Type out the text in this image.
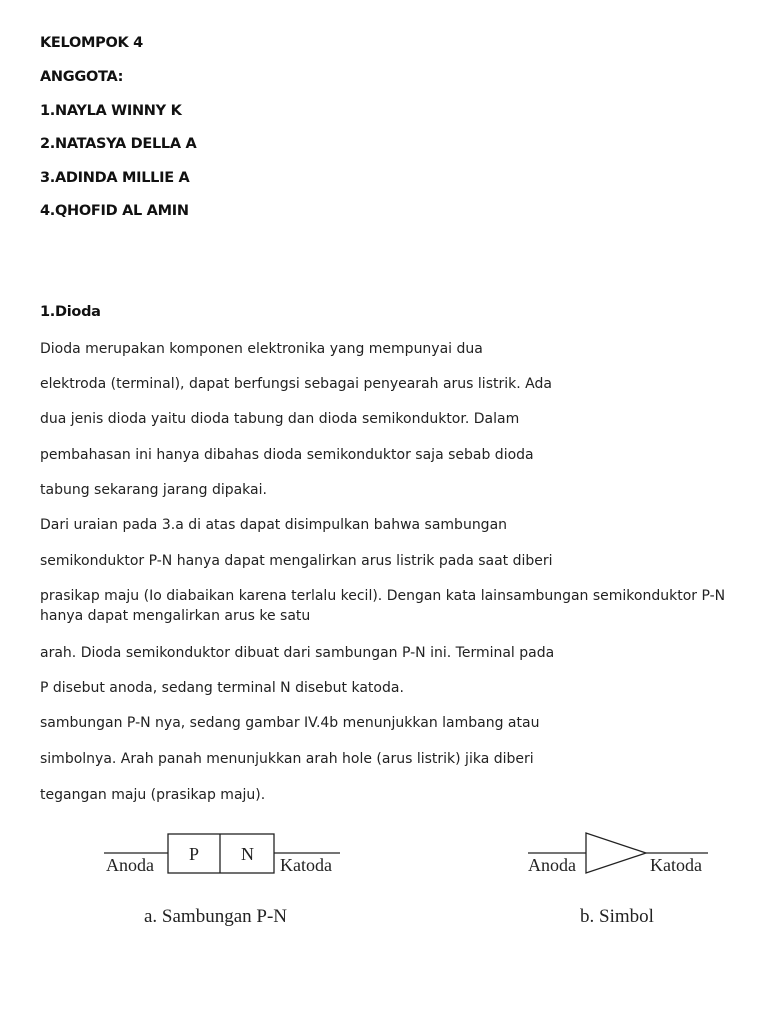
KELOMPOK 4
ANGGOTA:
1.NAYLA WINNY K
2.NATASYA DELLA A
3.ADINDA MILLIE A
4.QHOFID AL AMIN
1.Dioda
Dioda merupakan komponen elektronika yang mempunyai dua
elektroda (terminal), dapat berfungsi sebagai penyearah arus listrik. Ada
dua jenis dioda yaitu dioda tabung dan dioda semikonduktor. Dalam
pembahasan ini hanya dibahas dioda semikonduktor saja sebab dioda
tabung sekarang jarang dipakai.
Dari uraian pada 3.a di atas dapat disimpulkan bahwa sambungan
semikonduktor P-N hanya dapat mengalirkan arus listrik pada saat diberi
prasikap maju (Io diabaikan karena terlalu kecil). Dengan kata lainsambungan semikonduktor P-N hanya dapat mengalirkan arus ke satu
arah. Dioda semikonduktor dibuat dari sambungan P-N ini. Terminal pada
P disebut anoda, sedang terminal N disebut katoda.
sambungan P-N nya, sedang gambar IV.4b menunjukkan lambang atau
simbolnya. Arah panah menunjukkan arah hole (arus listrik) jika diberi
tegangan maju (prasikap maju).
Anoda
P N
Katoda
a. Sambungan P-N
Anoda	Katoda
b. Simbol
